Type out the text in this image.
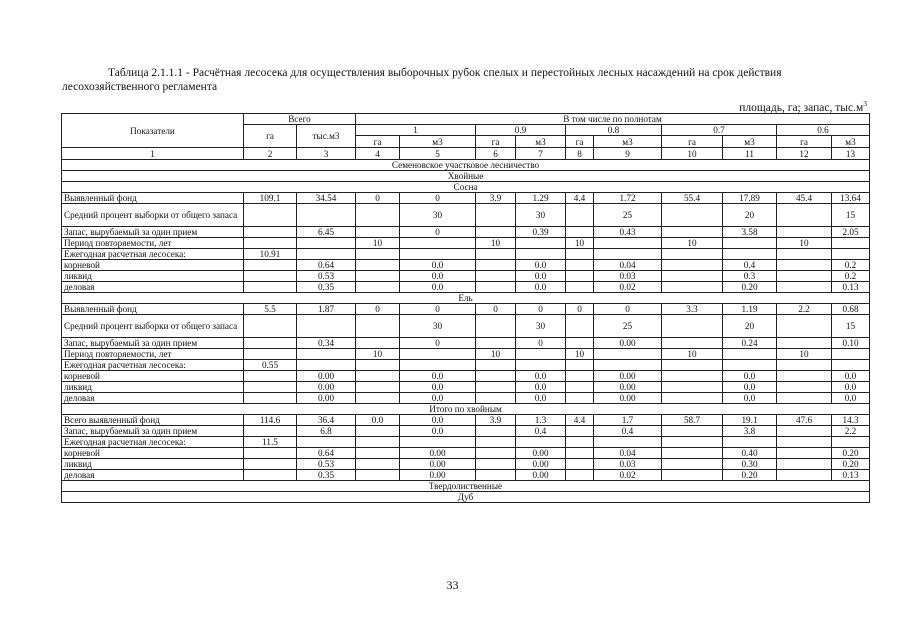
Таблица 2.1.1.1 - Расчётная лесосека для осуществления выборочных рубок спелых и перестойных лесных насаждений на срок действия лесохозяйственного регламента

площадь, га; запас, $тыс.м^3$
Показатели	Всего		В том числе по полнотам									
	га	тыс.м3	1		0.9		0.8		0.7		0.6	
			га	м3	га	м3	га	м3	га	м3	га	м3
1	2	3	4	5	6	7	8	9	10	11	12	13
Семеновское участковое лесничество												
Хвойные												
Сосна												
Выявленный фонд	109.1	34.54	0	0	3.9	1.29	4.4	1.72	55.4	17.89	45.4	13.64
Средний процент выборки от общего запаса				30		30		25		20		15
Запас, вырубаемый за один прием		6.45		0		0.39		0.43		3.58		2.05
Период повторяемости, лет			10		10		10		10		10	
Ежегодная расчетная лесосека:	10.91											
корневой		0.64		0.0		0.0		0.04		0.4		0.2
ликвид		0.53		0.0		0.0		0.03		0.3		0.2
деловая		0.35		0.0		0.0		0.02		0.20		0.13
Ель												
Выявленный фонд	5.5	1.87	0	0	0	0	0	0	3.3	1.19	2.2	0.68
Средний процент выборки от общего запаса				30		30		25		20		15
Запас, вырубаемый за один прием		0.34		0		0		0.00		0.24		0.10
Период повторяемости, лет			10		10		10		10		10	
Ежегодная расчетная лесосека:	0.55											
корневой		0.00		0.0		0.0		0.00		0.0		0.0
ликвид		0.00		0.0		0.0		0.00		0.0		0.0
деловая		0.00		0.0		0.0		0.00		0.0		0.0
Итого по хвойным												
Всего выявленный фонд	114.6	36.4	0.0	0.0	3.9	1.3	4.4	1.7	58.7	19.1	47.6	14.3
Запас, вырубаемый за один прием		6.8		0.0		0.4		0.4		3.8		2.2
Ежегодная расчетная лесосека:	11.5											
корневой		0.64		0.00		0.00		0.04		0.40		0.20
ликвид		0.53		0.00		0.00		0.03		0.30		0.20
деловая		0.35		0.00		0.00		0.02		0.20		0.13
Твердолиственные												
Дуб												
33
